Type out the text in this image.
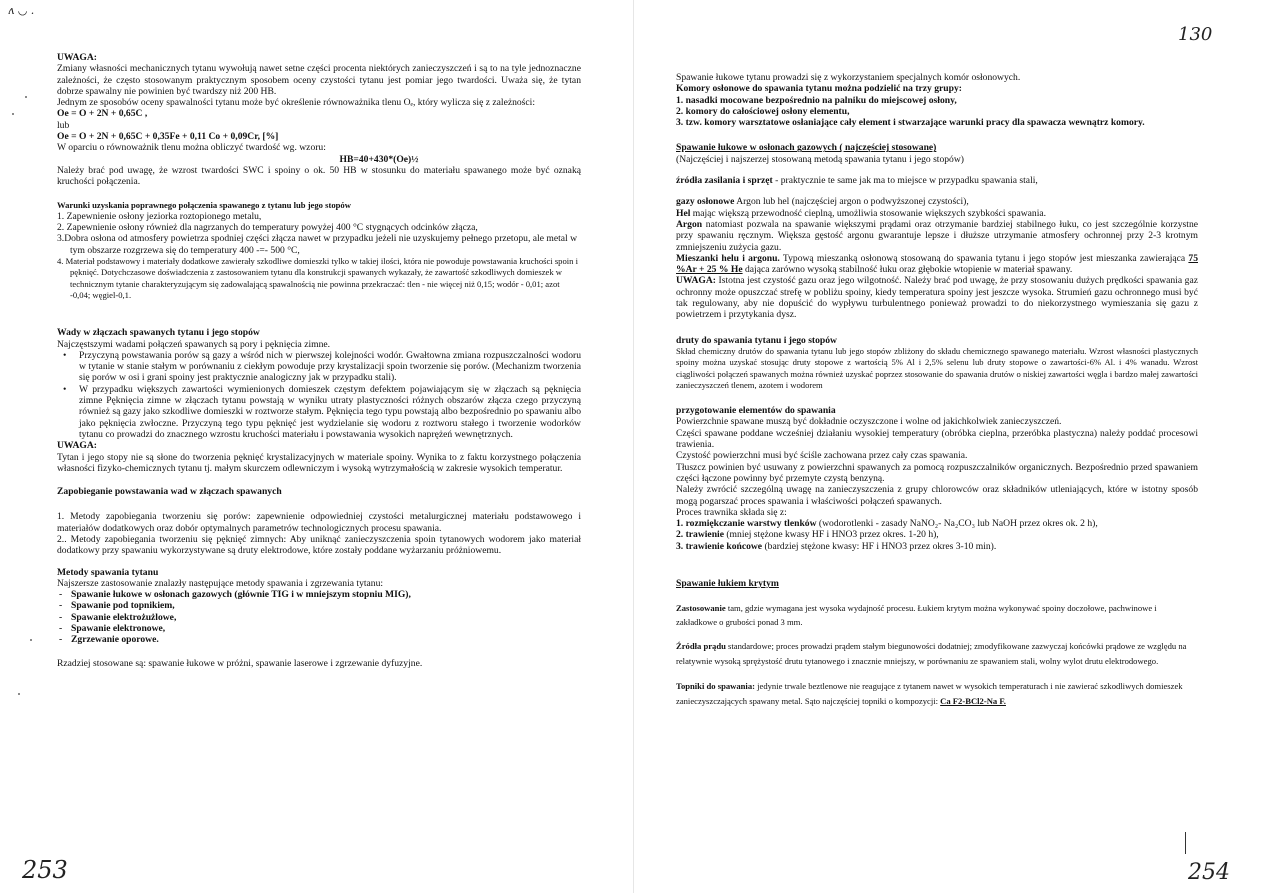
ʌ ◡ .
253

UWAGA:

Zmiany własności mechanicznych tytanu wywołują nawet setne części procenta niektórych zanieczyszczeń i są to na tyle jednoznaczne zależności, że często stosowanym praktycznym sposobem oceny czystości tytanu jest pomiar jego twardości. Uważa się, że tytan dobrze spawalny nie powinien być twardszy niż 200 HB.

Jednym ze sposobów oceny spawalności tytanu może być określenie równoważnika tlenu Oₑ, który wylicza się z zależności:

Oe = O + 2N + 0,65C ,

lub

Oe = O + 2N + 0,65C + 0,35Fe + 0,11 Co + 0,09Cr, [%]

W oparciu o równoważnik tlenu można obliczyć twardość wg. wzoru:

HB=40+430*(Oe)½

Należy brać pod uwagę, że wzrost twardości SWC i spoiny o ok. 50 HB w stosunku do materiału spawanego może być oznaką kruchości połączenia.

Warunki uzyskania poprawnego połączenia spawanego z tytanu lub jego stopów

1. Zapewnienie osłony jeziorka roztopionego metalu,

2. Zapewnienie osłony również dla nagrzanych do temperatury powyżej 400 °C stygnących odcinków złącza,

3.Dobra osłona od atmosfery powietrza spodniej części złącza nawet w przypadku jeżeli nie uzyskujemy pełnego przetopu, ale metal w tym obszarze rozgrzewa się do temperatury 400 -=- 500 °C,

4. Materiał podstawowy i materiały dodatkowe zawierały szkodliwe domieszki tylko w takiej ilości, która nie powoduje powstawania kruchości spoin i pęknięć. Dotychczasowe doświadczenia z zastosowaniem tytanu dla konstrukcji spawanych wykazały, że zawartość szkodliwych domieszek w technicznym tytanie charakteryzującym się zadowalającą spawalnością nie powinna przekraczać: tlen - nie więcej niż 0,15; wodór - 0,01; azot -0,04; węgiel-0,1.

Wady w złączach spawanych tytanu i jego stopów

Najczęstszymi wadami połączeń spawanych są pory i pęknięcia zimne.

• Przyczyną powstawania porów są gazy a wśród nich w pierwszej kolejności wodór. Gwałtowna zmiana rozpuszczalności wodoru w tytanie w stanie stałym w porównaniu z ciekłym powoduje przy krystalizacji spoin tworzenie się porów. (Mechanizm tworzenia się porów w osi i grani spoiny jest praktycznie analogiczny jak w przypadku stali).
• W przypadku większych zawartości wymienionych domieszek częstym defektem pojawiającym się w złączach są pęknięcia zimne Pęknięcia zimne w złączach tytanu powstają w wyniku utraty plastyczności różnych obszarów złącza czego przyczyną również są gazy jako szkodliwe domieszki w roztworze stałym. Pęknięcia tego typu powstają albo bezpośrednio po spawaniu albo jako pęknięcia zwłoczne. Przyczyną tego typu pęknięć jest wydzielanie się wodoru z roztworu stałego i tworzenie wodorków tytanu co prowadzi do znacznego wzrostu kruchości materiału i powstawania wysokich naprężeń wewnętrznych.

UWAGA:

Tytan i jego stopy nie są słone do tworzenia pęknięć krystalizacyjnych w materiale spoiny. Wynika to z faktu korzystnego połączenia własności fizyko-chemicznych tytanu tj. małym skurczem odlewniczym i wysoką wytrzymałością w zakresie wysokich temperatur.

Zapobieganie powstawania wad w złączach spawanych

1. Metody zapobiegania tworzeniu się porów: zapewnienie odpowiedniej czystości metalurgicznej materiału podstawowego i materiałów dodatkowych oraz dobór optymalnych parametrów technologicznych procesu spawania.

2.. Metody zapobiegania tworzeniu się pęknięć zimnych: Aby uniknąć zanieczyszczenia spoin tytanowych wodorem jako materiał dodatkowy przy spawaniu wykorzystywane są druty elektrodowe, które zostały poddane wyżarzaniu próżniowemu.

Metody spawania tytanu

Najszersze zastosowanie znalazły następujące metody spawania i zgrzewania tytanu:

- Spawanie łukowe w osłonach gazowych (głównie TIG i w mniejszym stopniu MIG),
- Spawanie pod topnikiem,
- Spawanie elektrożużlowe,
- Spawanie elektronowe,
- Zgrzewanie oporowe.

Rzadziej stosowane są: spawanie łukowe w próżni, spawanie laserowe i zgrzewanie dyfuzyjne.

130
254

Spawanie łukowe tytanu prowadzi się z wykorzystaniem specjalnych komór osłonowych.

Komory osłonowe do spawania tytanu można podzielić na trzy grupy:

1. nasadki mocowane bezpośrednio na palniku do miejscowej osłony,

2. komory do całościowej osłony elementu,

3. tzw. komory warsztatowe osłaniające cały element i stwarzające warunki pracy dla spawacza wewnątrz komory.

Spawanie łukowe w osłonach gazowych ( najczęściej stosowane)

(Najczęściej i najszerzej stosowaną metodą spawania tytanu i jego stopów)

źródła zasilania i sprzęt - praktycznie te same jak ma to miejsce w przypadku spawania stali,

gazy osłonowe Argon lub hel (najczęściej argon o podwyższonej czystości),

Hel mając większą przewodność cieplną, umożliwia stosowanie większych szybkości spawania.

Argon natomiast pozwala na spawanie większymi prądami oraz otrzymanie bardziej stabilnego łuku, co jest szczególnie korzystne przy spawaniu ręcznym. Większa gęstość argonu gwarantuje lepsze i dłuższe utrzymanie atmosfery ochronnej przy 2-3 krotnym zmniejszeniu zużycia gazu.

Mieszanki helu i argonu. Typową mieszanką osłonową stosowaną do spawania tytanu i jego stopów jest mieszanka zawierająca 75 %Ar + 25 % He dająca zarówno wysoką stabilność łuku oraz głębokie wtopienie w materiał spawany.

UWAGA: Istotna jest czystość gazu oraz jego wilgotność. Należy brać pod uwagę, że przy stosowaniu dużych prędkości spawania gaz ochronny może opuszczać strefę w pobliżu spoiny, kiedy temperatura spoiny jest jeszcze wysoka. Strumień gazu ochronnego musi być tak regulowany, aby nie dopuścić do wypływu turbulentnego ponieważ prowadzi to do niekorzystnego wymieszania się gazu z powietrzem i przytykania dysz.

druty do spawania tytanu i jego stopów

Skład chemiczny drutów do spawania tytanu lub jego stopów zbliżony do składu chemicznego spawanego materiału. Wzrost własności plastycznych spoiny można uzyskać stosując druty stopowe z wartością 5% Al i 2,5% selenu lub druty stopowe o zawartości-6% Al. i 4% wanadu. Wzrost ciągliwości połączeń spawanych można również uzyskać poprzez stosowanie do spawania drutów o niskiej zawartości węgla i bardzo małej zawartości zanieczyszczeń tlenem, azotem i wodorem

przygotowanie elementów do spawania

Powierzchnie spawane muszą być dokładnie oczyszczone i wolne od jakichkolwiek zanieczyszczeń.

Części spawane poddane wcześniej działaniu wysokiej temperatury (obróbka cieplna, przeróbka plastyczna) należy poddać procesowi trawienia.

Czystość powierzchni musi być ściśle zachowana przez cały czas spawania.

Tłuszcz powinien być usuwany z powierzchni spawanych za pomocą rozpuszczalników organicznych. Bezpośrednio przed spawaniem części łączone powinny być przemyte czystą benzyną.

Należy zwrócić szczególną uwagę na zanieczyszczenia z grupy chlorowców oraz składników utleniających, które w istotny sposób mogą pogarszać proces spawania i właściwości połączeń spawanych.

Proces trawnika składa się z:

1. rozmiękczanie warstwy tlenków (wodorotlenki - zasady NaNO₂- Na₂CO₃ lub NaOH przez okres ok. 2 h),

2. trawienie (mniej stężone kwasy HF i HNO3 przez okres. 1-20 h),

3. trawienie końcowe (bardziej stężone kwasy: HF i HNO3 przez okres 3-10 min).

Spawanie łukiem krytym

Zastosowanie tam, gdzie wymagana jest wysoka wydajność procesu. Łukiem krytym można wykonywać spoiny doczołowe, pachwinowe i zakładkowe o grubości ponad 3 mm.

Źródła prądu standardowe; proces prowadzi prądem stałym biegunowości dodatniej; zmodyfikowane zazwyczaj końcówki prądowe ze względu na relatywnie wysoką sprężystość drutu tytanowego i znacznie mniejszy, w porównaniu ze spawaniem stali, wolny wylot drutu elektrodowego.

Topniki do spawania: jedynie trwale beztlenowe nie reagujące z tytanem nawet w wysokich temperaturach i nie zawierać szkodliwych domieszek zanieczyszczających spawany metal. Sąto najczęściej topniki o kompozycji: Ca F2-BCl2-Na F.
